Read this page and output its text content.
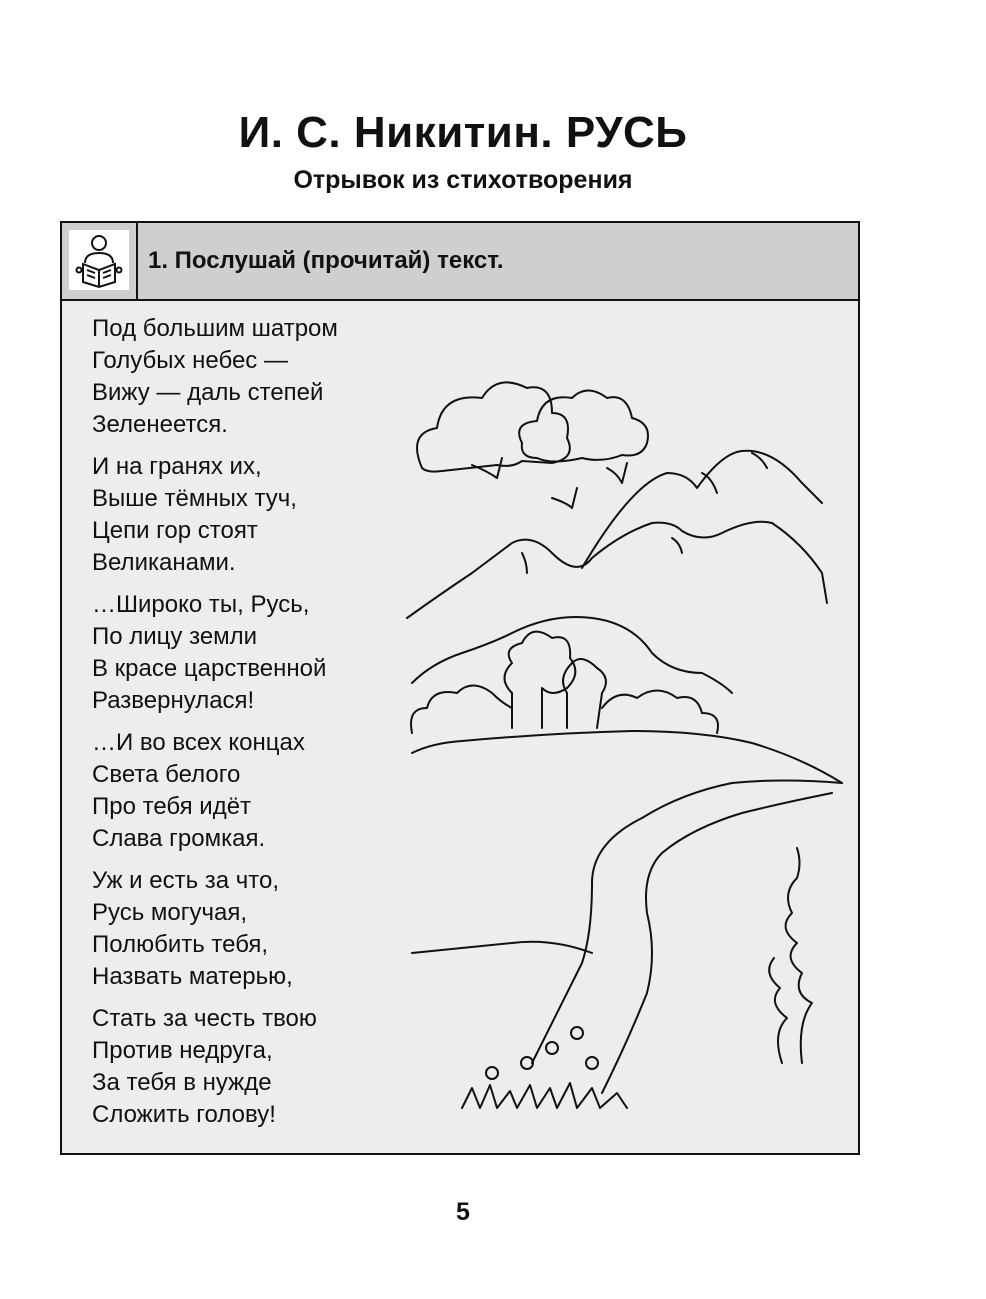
И. С. Никитин. РУСЬ
Отрывок из стихотворения
1. Послушай (прочитай) текст.
Под большим шатром
Голубых небес —
Вижу — даль степей
Зеленеется.
И на гранях их,
Выше тёмных туч,
Цепи гор стоят
Великанами.
…Широко ты, Русь,
По лицу земли
В красе царственной
Развернулася!
…И во всех концах
Света белого
Про тебя идёт
Слава громкая.
Уж и есть за что,
Русь могучая,
Полюбить тебя,
Назвать матерью,
Стать за честь твою
Против недруга,
За тебя в нужде
Сложить голову!
5
